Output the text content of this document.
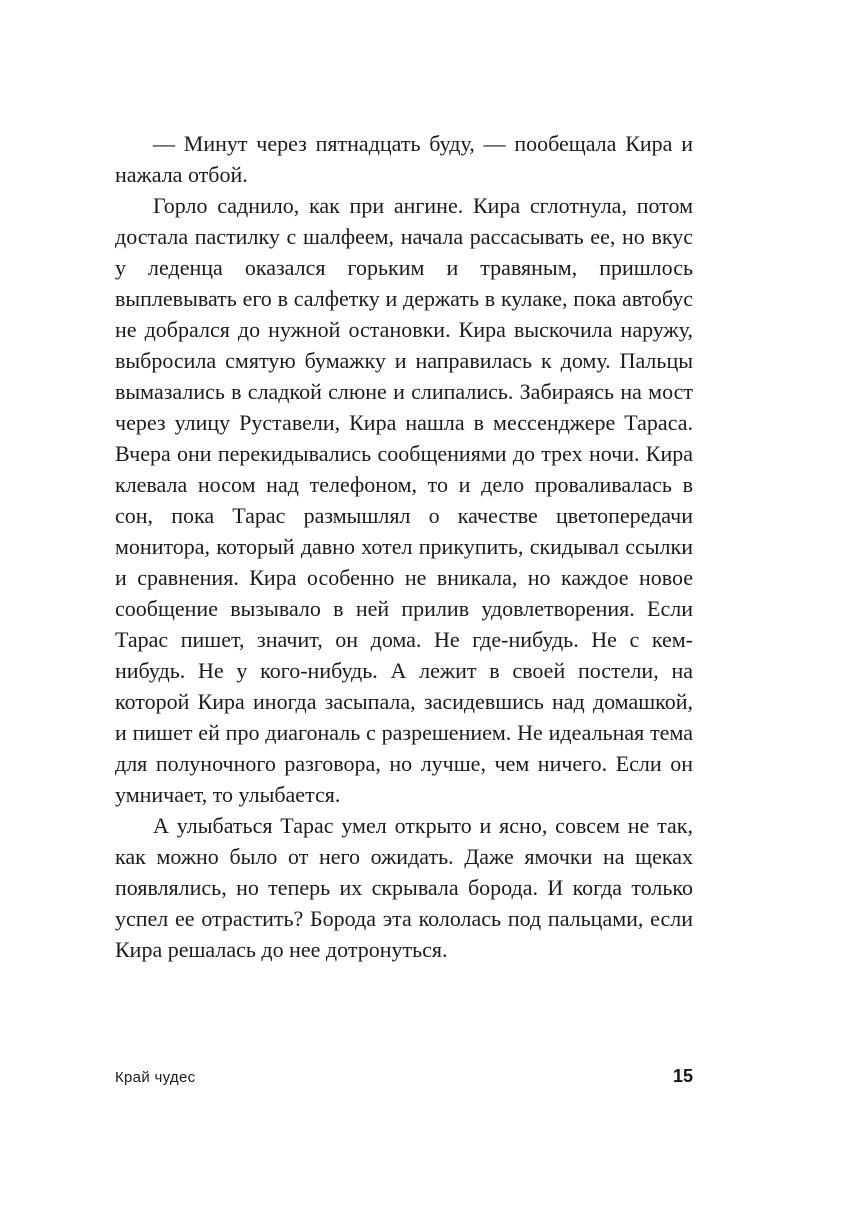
— Минут через пятнадцать буду, — пообещала Кира и нажала отбой.

Горло саднило, как при ангине. Кира сглотнула, потом достала пастилку с шалфеем, начала рассасывать ее, но вкус у леденца оказался горьким и травяным, пришлось выплевывать его в салфетку и держать в кулаке, пока автобус не добрался до нужной остановки. Кира выскочила наружу, выбросила смятую бумажку и направилась к дому. Пальцы вымазались в сладкой слюне и слипались. Забираясь на мост через улицу Руставели, Кира нашла в мессенджере Тараса. Вчера они перекидывались сообщениями до трех ночи. Кира клевала носом над телефоном, то и дело проваливалась в сон, пока Тарас размышлял о качестве цветопередачи монитора, который давно хотел прикупить, скидывал ссылки и сравнения. Кира особенно не вникала, но каждое новое сообщение вызывало в ней прилив удовлетворения. Если Тарас пишет, значит, он дома. Не где-нибудь. Не с кем-нибудь. Не у кого-нибудь. А лежит в своей постели, на которой Кира иногда засыпала, засидевшись над домашкой, и пишет ей про диагональ с разрешением. Не идеальная тема для полуночного разговора, но лучше, чем ничего. Если он умничает, то улыбается.

А улыбаться Тарас умел открыто и ясно, совсем не так, как можно было от него ожидать. Даже ямочки на щеках появлялись, но теперь их скрывала борода. И когда только успел ее отрастить? Борода эта кололась под пальцами, если Кира решалась до нее дотронуться.

Край чудес	15
